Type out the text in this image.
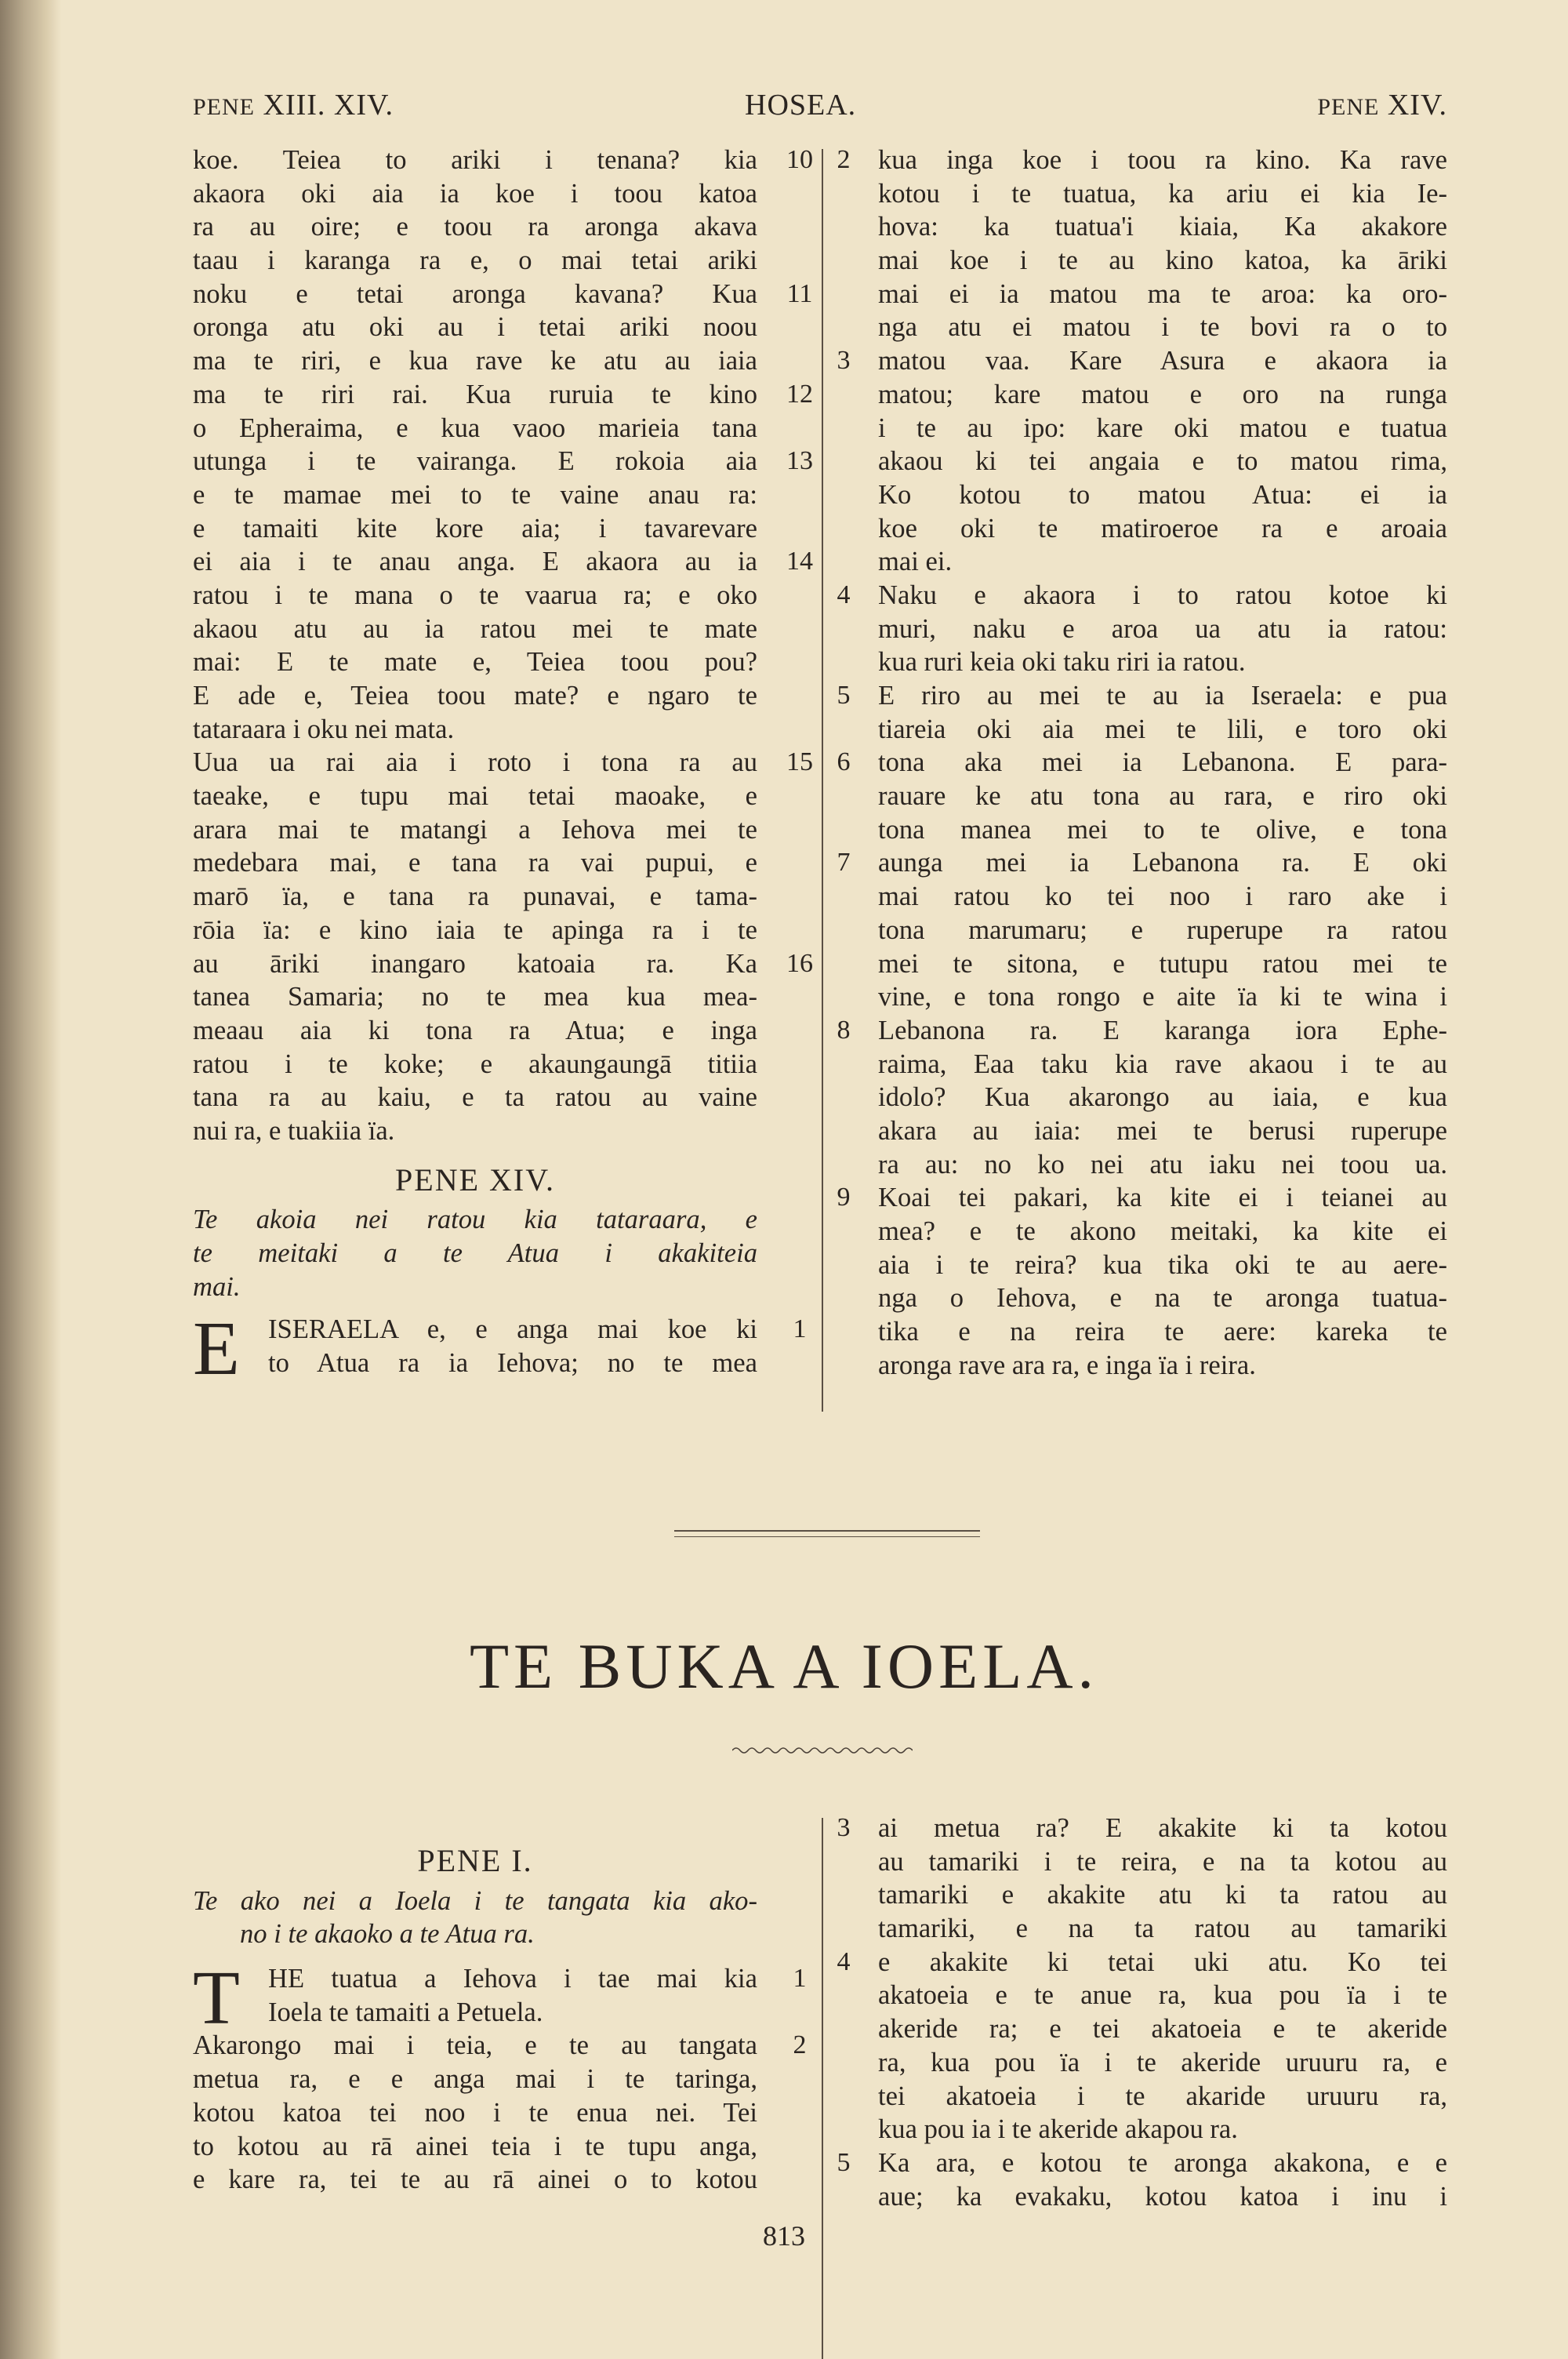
PENE XIII. XIV.	HOSEA.	PENE XIV.
koe. Teiea to ariki i tenana? kia	10
akaora oki aia ia koe i toou katoa
ra au oire; e toou ra aronga akava
taau i karanga ra e, o mai tetai ariki
noku e tetai aronga kavana? Kua	11
oronga atu oki au i tetai ariki noou
ma te riri, e kua rave ke atu au iaia
ma te riri rai. Kua ruruia te kino	12
o Epheraima, e kua vaoo marieia tana
utunga i te vairanga. E rokoia aia	13
e te mamae mei to te vaine anau ra:
e tamaiti kite kore aia; i tavarevare
ei aia i te anau anga. E akaora au ia	14
ratou i te mana o te vaarua ra; e oko
akaou atu au ia ratou mei te mate
mai: E te mate e, Teiea toou pou?
E ade e, Teiea toou mate? e ngaro te
tataraara i oku nei mata.
Uua ua rai aia i roto i tona ra au	15
taeake, e tupu mai tetai maoake, e
arara mai te matangi a Iehova mei te
medebara mai, e tana ra vai pupui, e
marō ïa, e tana ra punavai, e tama-
rōia ïa: e kino iaia te apinga ra i te
au āriki inangaro katoaia ra. Ka	16
tanea Samaria; no te mea kua mea-
meaau aia ki tona ra Atua; e inga
ratou i te koke; e akaungaungā titiia
tana ra au kaiu, e ta ratou au vaine
nui ra, e tuakiia ïa.
PENE XIV.
Te akoia nei ratou kia tataraara, e
te meitaki a te Atua i akakiteia
mai.
E ISERAELA e, e anga mai koe ki	1
to Atua ra ia Iehova; no te mea
kua inga koe i toou ra kino. Ka rave
2
kotou i te tuatua, ka ariu ei kia Ie-
hova: ka tuatua'i kiaia, Ka akakore
mai koe i te au kino katoa, ka āriki
mai ei ia matou ma te aroa: ka oro-
nga atu ei matou i te bovi ra o to
matou vaa. Kare Asura e akaora ia
3
matou; kare matou e oro na runga
i te au ipo: kare oki matou e tuatua
akaou ki tei angaia e to matou rima,
Ko kotou to matou Atua: ei ia
koe oki te matiroeroe ra e aroaia
mai ei.
Naku e akaora i to ratou kotoe ki
4
muri, naku e aroa ua atu ia ratou:
kua ruri keia oki taku riri ia ratou.
E riro au mei te au ia Iseraela: e pua
5
tiareia oki aia mei te lili, e toro oki
tona aka mei ia Lebanona. E para-
6
rauare ke atu tona au rara, e riro oki
tona manea mei to te olive, e tona
aunga mei ia Lebanona ra. E oki
7
mai ratou ko tei noo i raro ake i
tona marumaru; e ruperupe ra ratou
mei te sitona, e tutupu ratou mei te
vine, e tona rongo e aite ïa ki te wina i
Lebanona ra. E karanga iora Ephe-
8
raima, Eaa taku kia rave akaou i te au
idolo? Kua akarongo au iaia, e kua
akara au iaia: mei te berusi ruperupe
ra au: no ko nei atu iaku nei toou ua.
Koai tei pakari, ka kite ei i teianei au
9
mea? e te akono meitaki, ka kite ei
aia i te reira? kua tika oki te au aere-
nga o Iehova, e na te aronga tuatua-
tika e na reira te aere: kareka te
aronga rave ara ra, e inga ïa i reira.
TE BUKA A IOELA.
PENE I.
Te ako nei a Ioela i te tangata kia ako-
no i te akaoko a te Atua ra.
T HE tuatua a Iehova i tae mai kia	1
Ioela te tamaiti a Petuela.
Akarongo mai i teia, e te au tangata	2
metua ra, e e anga mai i te taringa,
kotou katoa tei noo i te enua nei. Tei
to kotou au rā ainei teia i te tupu anga,
e kare ra, tei te au rā ainei o to kotou
ai metua ra? E akakite ki ta kotou
3
au tamariki i te reira, e na ta kotou au
tamariki e akakite atu ki ta ratou au
tamariki, e na ta ratou au tamariki
e akakite ki tetai uki atu. Ko tei
4
akatoeia e te anue ra, kua pou ïa i te
akeride ra; e tei akatoeia e te akeride
ra, kua pou ïa i te akeride uruuru ra, e
tei akatoeia i te akaride uruuru ra,
kua pou ia i te akeride akapou ra.
Ka ara, e kotou te aronga akakona, e e
5
aue; ka evakaku, kotou katoa i inu i
813
